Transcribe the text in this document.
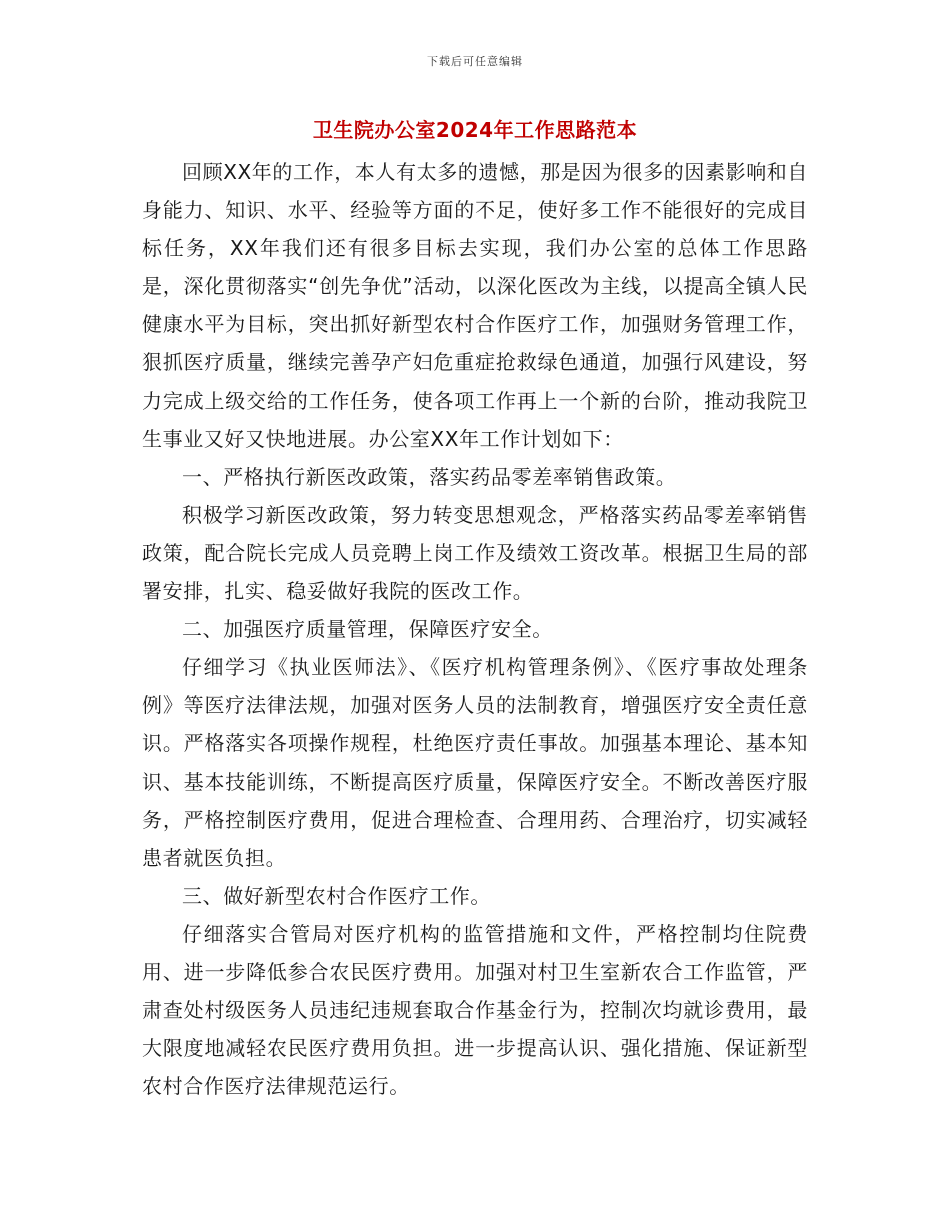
下载后可任意编辑
卫生院办公室2024年工作思路范本

回顾XX年的工作，本人有太多的遗憾，那是因为很多的因素影响和自身能力、知识、水平、经验等方面的不足，使好多工作不能很好的完成目标任务，XX年我们还有很多目标去实现，我们办公室的总体工作思路是，深化贯彻落实“创先争优”活动，以深化医改为主线，以提高全镇人民健康水平为目标，突出抓好新型农村合作医疗工作，加强财务管理工作，狠抓医疗质量，继续完善孕产妇危重症抢救绿色通道，加强行风建设，努力完成上级交给的工作任务，使各项工作再上一个新的台阶，推动我院卫生事业又好又快地进展。办公室XX年工作计划如下：

一、严格执行新医改政策，落实药品零差率销售政策。

积极学习新医改政策，努力转变思想观念，严格落实药品零差率销售政策，配合院长完成人员竞聘上岗工作及绩效工资改革。根据卫生局的部署安排，扎实、稳妥做好我院的医改工作。

二、加强医疗质量管理，保障医疗安全。

仔细学习《执业医师法》、《医疗机构管理条例》、《医疗事故处理条例》等医疗法律法规，加强对医务人员的法制教育，增强医疗安全责任意识。严格落实各项操作规程，杜绝医疗责任事故。加强基本理论、基本知识、基本技能训练，不断提高医疗质量，保障医疗安全。不断改善医疗服务，严格控制医疗费用，促进合理检查、合理用药、合理治疗，切实减轻患者就医负担。

三、做好新型农村合作医疗工作。

仔细落实合管局对医疗机构的监管措施和文件，严格控制均住院费用、进一步降低参合农民医疗费用。加强对村卫生室新农合工作监管，严肃查处村级医务人员违纪违规套取合作基金行为，控制次均就诊费用，最大限度地减轻农民医疗费用负担。进一步提高认识、强化措施、保证新型农村合作医疗法律规范运行。
